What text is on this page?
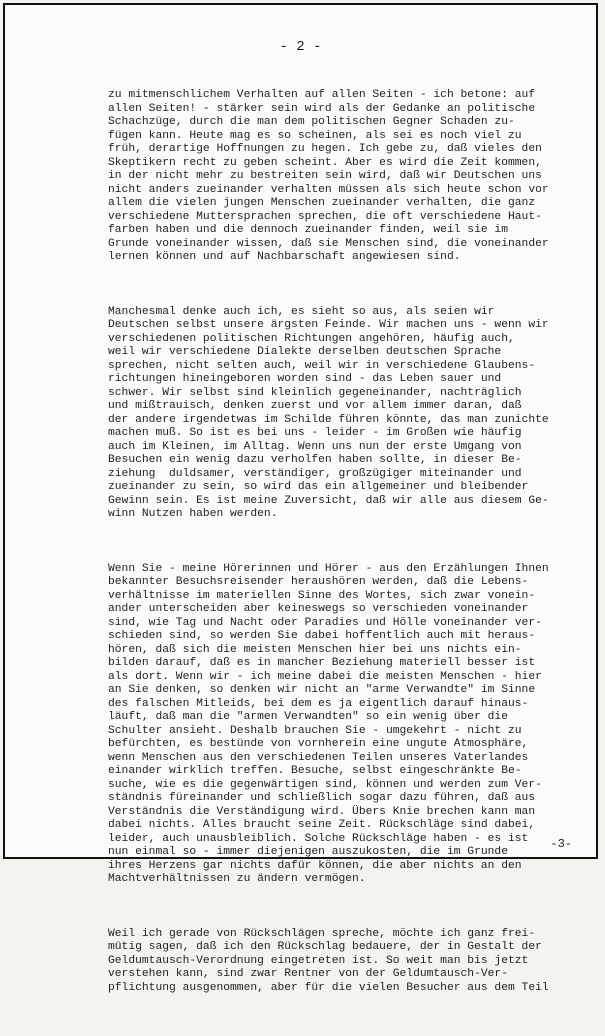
- 2 -

zu mitmenschlichem Verhalten auf allen Seiten - ich betone: auf
allen Seiten! - stärker sein wird als der Gedanke an politische
Schachzüge, durch die man dem politischen Gegner Schaden zu-
fügen kann. Heute mag es so scheinen, als sei es noch viel zu
früh, derartige Hoffnungen zu hegen. Ich gebe zu, daß vieles den
Skeptikern recht zu geben scheint. Aber es wird die Zeit kommen,
in der nicht mehr zu bestreiten sein wird, daß wir Deutschen uns
nicht anders zueinander verhalten müssen als sich heute schon vor
allem die vielen jungen Menschen zueinander verhalten, die ganz
verschiedene Muttersprachen sprechen, die oft verschiedene Haut-
farben haben und die dennoch zueinander finden, weil sie im
Grunde voneinander wissen, daß sie Menschen sind, die voneinander
lernen können und auf Nachbarschaft angewiesen sind.

Manchesmal denke auch ich, es sieht so aus, als seien wir
Deutschen selbst unsere ärgsten Feinde. Wir machen uns - wenn wir
verschiedenen politischen Richtungen angehören, häufig auch,
weil wir verschiedene Dialekte derselben deutschen Sprache
sprechen, nicht selten auch, weil wir in verschiedene Glaubens-
richtungen hineingeboren worden sind - das Leben sauer und
schwer. Wir selbst sind kleinlich gegeneinander, nachträglich
und mißtrauisch, denken zuerst und vor allem immer daran, daß
der andere irgendetwas im Schilde führen könnte, das man zunichte
machen muß. So ist es bei uns - leider - im Großen wie häufig
auch im Kleinen, im Alltag. Wenn uns nun der erste Umgang von
Besuchen ein wenig dazu verholfen haben sollte, in dieser Be-
ziehung  duldsamer, verständiger, großzügiger miteinander und
zueinander zu sein, so wird das ein allgemeiner und bleibender
Gewinn sein. Es ist meine Zuversicht, daß wir alle aus diesem Ge-
winn Nutzen haben werden.

Wenn Sie - meine Hörerinnen und Hörer - aus den Erzählungen Ihnen
bekannter Besuchsreisender heraushören werden, daß die Lebens-
verhältnisse im materiellen Sinne des Wortes, sich zwar vonein-
ander unterscheiden aber keineswegs so verschieden voneinander
sind, wie Tag und Nacht oder Paradies und Hölle voneinander ver-
schieden sind, so werden Sie dabei hoffentlich auch mit heraus-
hören, daß sich die meisten Menschen hier bei uns nichts ein-
bilden darauf, daß es in mancher Beziehung materiell besser ist
als dort. Wenn wir - ich meine dabei die meisten Menschen - hier
an Sie denken, so denken wir nicht an "arme Verwandte" im Sinne
des falschen Mitleids, bei dem es ja eigentlich darauf hinaus-
läuft, daß man die "armen Verwandten" so ein wenig über die
Schulter ansieht. Deshalb brauchen Sie - umgekehrt - nicht zu
befürchten, es bestünde von vornherein eine ungute Atmosphäre,
wenn Menschen aus den verschiedenen Teilen unseres Vaterlandes
einander wirklich treffen. Besuche, selbst eingeschränkte Be-
suche, wie es die gegenwärtigen sind, können und werden zum Ver-
ständnis füreinander und schließlich sogar dazu führen, daß aus
Verständnis die Verständigung wird. Übers Knie brechen kann man
dabei nichts. Alles braucht seine Zeit. Rückschläge sind dabei,
leider, auch unausbleiblich. Solche Rückschläge haben - es ist
nun einmal so - immer diejenigen auszukosten, die im Grunde
ihres Herzens gar nichts dafür können, die aber nichts an den
Machtverhältnissen zu ändern vermögen.

Weil ich gerade von Rückschlägen spreche, möchte ich ganz frei-
mütig sagen, daß ich den Rückschlag bedauere, der in Gestalt der
Geldumtausch-Verordnung eingetreten ist. So weit man bis jetzt
verstehen kann, sind zwar Rentner von der Geldumtausch-Ver-
pflichtung ausgenommen, aber für die vielen Besucher aus dem Teil

-3-
